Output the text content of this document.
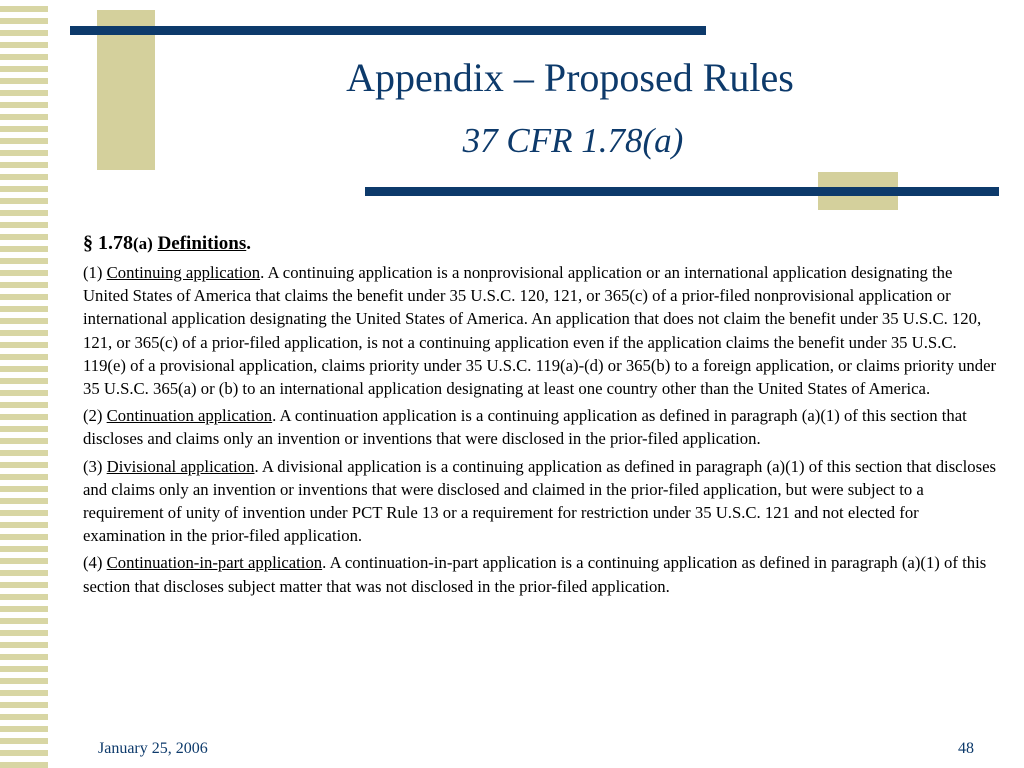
Appendix – Proposed Rules
37 CFR 1.78(a)
§ 1.78(a) Definitions.
(1) Continuing application. A continuing application is a nonprovisional application or an international application designating the United States of America that claims the benefit under 35 U.S.C. 120, 121, or 365(c) of a prior-filed nonprovisional application or international application designating the United States of America. An application that does not claim the benefit under 35 U.S.C. 120, 121, or 365(c) of a prior-filed application, is not a continuing application even if the application claims the benefit under 35 U.S.C. 119(e) of a provisional application, claims priority under 35 U.S.C. 119(a)-(d) or 365(b) to a foreign application, or claims priority under 35 U.S.C. 365(a) or (b) to an international application designating at least one country other than the United States of America.
(2) Continuation application. A continuation application is a continuing application as defined in paragraph (a)(1) of this section that discloses and claims only an invention or inventions that were disclosed in the prior-filed application.
(3) Divisional application. A divisional application is a continuing application as defined in paragraph (a)(1) of this section that discloses and claims only an invention or inventions that were disclosed and claimed in the prior-filed application, but were subject to a requirement of unity of invention under PCT Rule 13 or a requirement for restriction under 35 U.S.C. 121 and not elected for examination in the prior-filed application.
(4) Continuation-in-part application. A continuation-in-part application is a continuing application as defined in paragraph (a)(1) of this section that discloses subject matter that was not disclosed in the prior-filed application.
January 25, 2006	48
